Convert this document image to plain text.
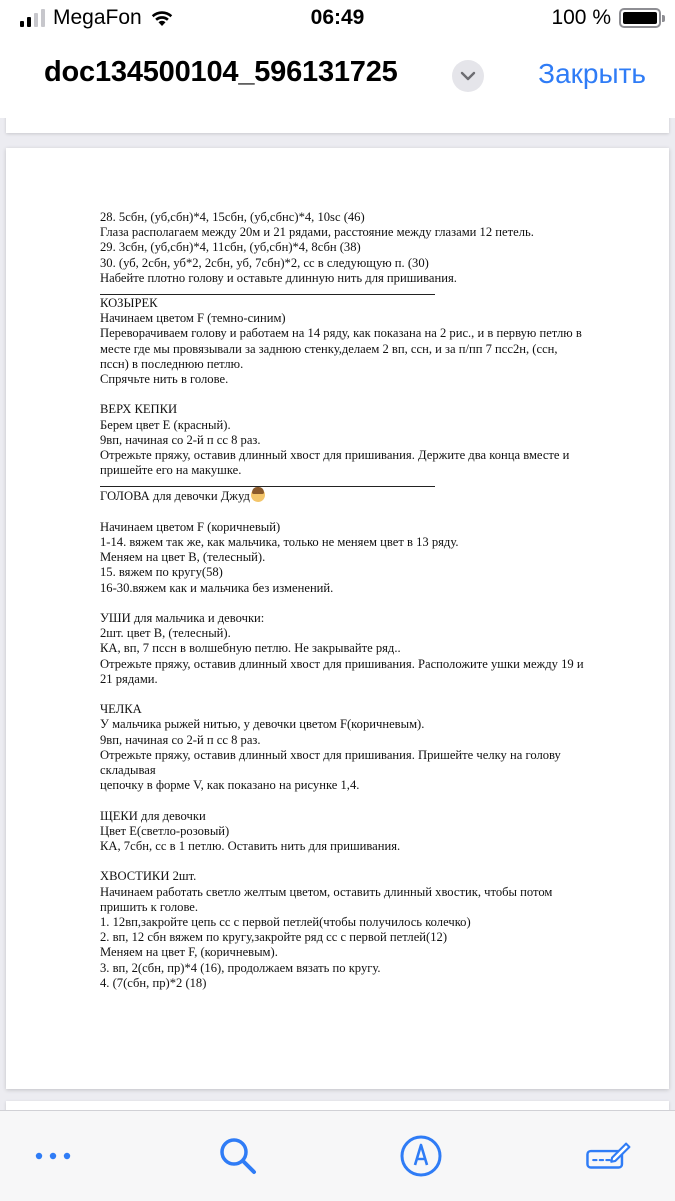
MegaFon	06:49	100 %
doc134500104_596131725	Закрыть
28. 5сбн, (уб,сбн)*4, 15сбн, (уб,сбнс)*4, 10sc (46)
Глаза располагаем между 20м и 21 рядами, расстояние между глазами 12 петель.
29. 3сбн, (уб,сбн)*4, 11сбн, (уб,сбн)*4, 8сбн (38)
30. (уб, 2сбн, уб*2, 2сбн, уб, 7сбн)*2, сс в следующую п. (30)
Набейте плотно голову и оставьте длинную нить для пришивания.
КОЗЫРЕК
Начинаем цветом F (темно-синим)
Переворачиваем голову и работаем на 14 ряду, как показана на 2 рис., и в первую петлю в
месте где мы провязывали за заднюю стенку,делаем 2 вп, ссн, и за п/пп 7 псс2н, (ссн,
псcн) в последнюю петлю.
Спрячьте нить в голове.
ВЕРХ КЕПКИ
Берем цвет E (красный).
9вп, начиная со 2-й п сс 8 раз.
Отрежьте пряжу, оставив длинный хвост для пришивания. Держите два конца вместе и
пришейте его на макушке.
ГОЛОВА для девочки Джуд
Начинаем цветом F (коричневый)
1-14. вяжем так же, как мальчика, только не меняем цвет в 13 ряду.
Меняем на цвет B, (телесный).
15. вяжем по кругу(58)
16-30.вяжем как и мальчика без изменений.
УШИ для мальчика и девочки:
2шт. цвет B, (телесный).
КА, вп, 7 псcн в волшебную петлю. Не закрывайте ряд..
Отрежьте пряжу, оставив длинный хвост для пришивания. Расположите ушки между 19 и
21 рядами.
ЧЕЛКА
У мальчика рыжей нитью, у девочки цветом F(коричневым).
9вп, начиная со 2-й п сс 8 раз.
Отрежьте пряжу, оставив длинный хвост для пришивания. Пришейте челку на голову
складывая
цепочку в форме V, как показано на рисунке 1,4.
ЩЕКИ для девочки
Цвет E(светло-розовый)
КА, 7сбн, сс в 1 петлю. Оставить нить для пришивания.
ХВОСТИКИ 2шт.
Начинаем работать светло желтым цветом, оставить длинный хвостик, чтобы потом
пришить к голове.
1. 12вп,закройте цепь сс с первой петлей(чтобы получилось колечко)
2. вп, 12 сбн вяжем по кругу,закройте ряд сс с первой петлей(12)
Меняем на цвет F, (коричневым).
3. вп, 2(сбн, пр)*4 (16), продолжаем вязать по кругу.
4. (7(сбн, пр)*2 (18)
